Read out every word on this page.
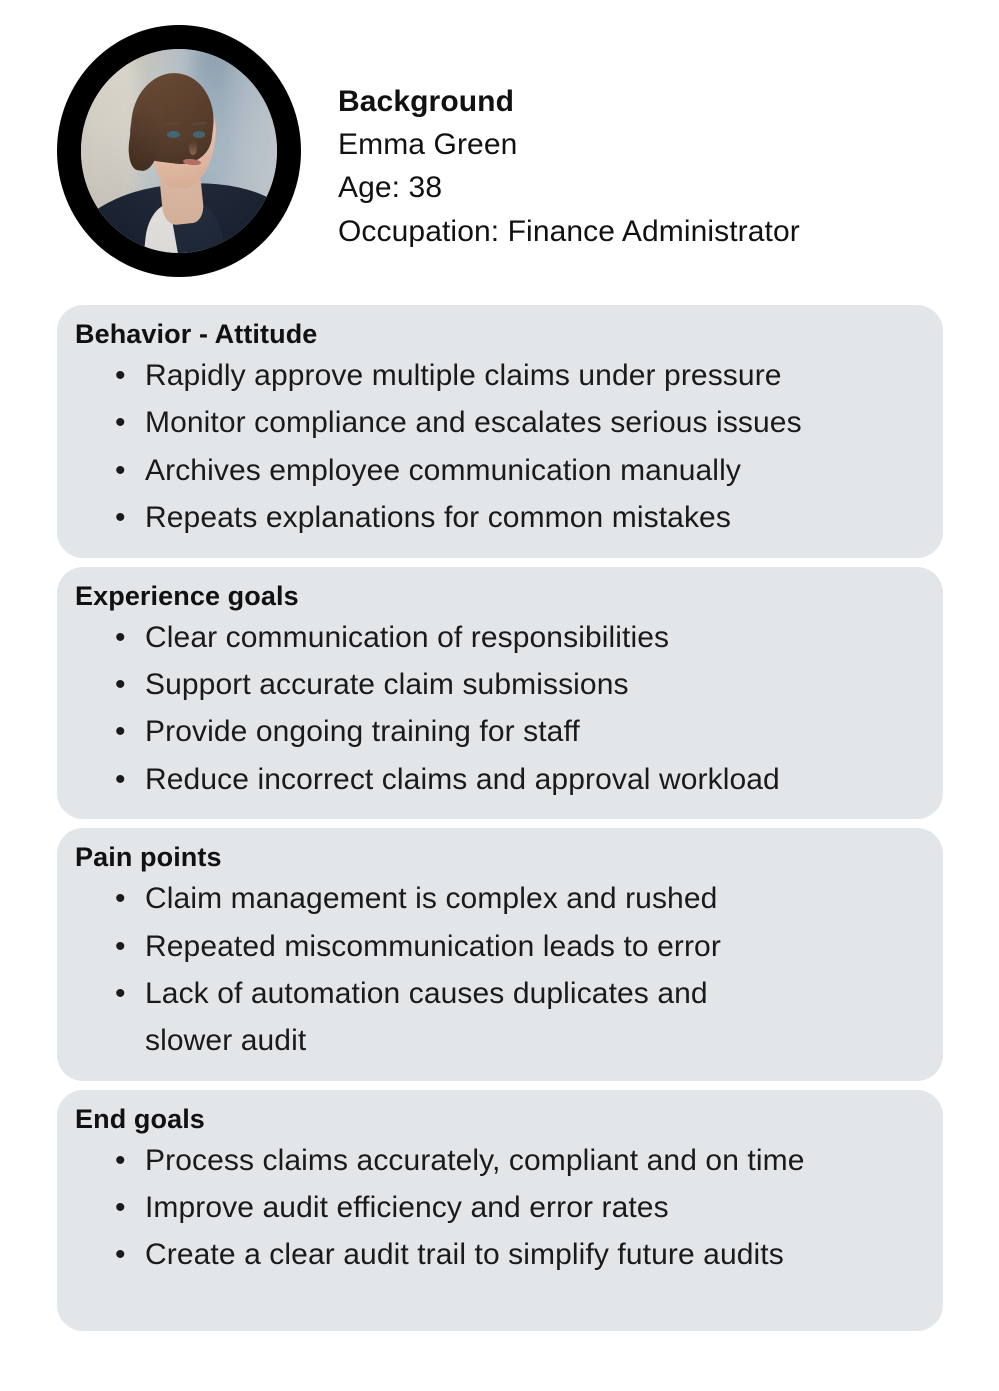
Background
Emma Green
Age: 38
Occupation: Finance Administrator
Behavior - Attitude
• Rapidly approve multiple claims under pressure
• Monitor compliance and escalates serious issues
• Archives employee communication manually
• Repeats explanations for common mistakes
Experience goals
• Clear communication of responsibilities
• Support accurate claim submissions
• Provide ongoing training for staff
• Reduce incorrect claims and approval workload
Pain points
• Claim management is complex and rushed
• Repeated miscommunication leads to error
• Lack of automation causes duplicates and slower audit
End goals
• Process claims accurately, compliant and on time
• Improve audit efficiency and error rates
• Create a clear audit trail to simplify future audits
